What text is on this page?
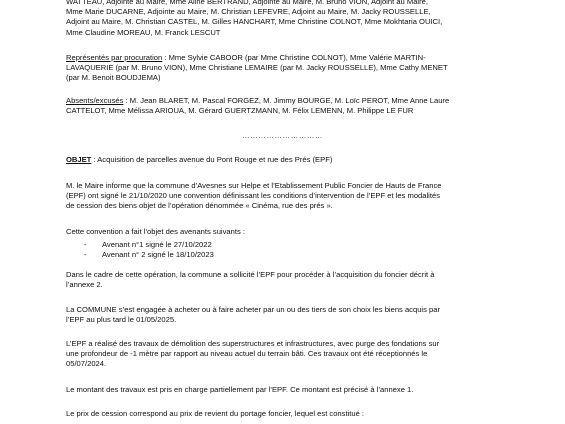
WATTEAU, Adjointe au Maire, Mme Aline BERTRAND, Adjointe au Maire, M. Bruno VION, Adjoint au Maire,
Mme Marie DUCARNE, Adjointe au Maire, M. Christian LEFEVRE, Adjoint au Maire, M. Jacky ROUSSELLE,
Adjoint au Maire, M. Christian CASTEL, M. Gilles HANCHART, Mme Christine COLNOT, Mme Mokhtaria OUICI,
Mme Claudine MOREAU, M. Franck LESCUT
Représentés par procuration : Mme Sylvie CABOOR (par Mme Christine COLNOT), Mme Valérie MARTIN-
LAVAQUERIE (par M. Bruno VION), Mme Christiane LEMAIRE (par M. Jacky ROUSSELLE), Mme Cathy MENET
(par M. Benoit BOUDJEMA)
Absents/excusés : M. Jean BLARET, M. Pascal FORGEZ, M. Jimmy BOURGE, M. Loïc PEROT, Mme Anne Laure
CATTELOT, Mme Mélissa ARIOUA, M. Gérard GUERTZMANN, M. Félix LEMENN, M. Philippe LE FUR
…………………………
OBJET : Acquisition de parcelles avenue du Pont Rouge et rue des Prés (EPF)
M. le Maire informe que la commune d’Avesnes sur Helpe et l’Etablissement Public Foncier de Hauts de France
(EPF) ont signé le 21/10/2020 une convention définissant les conditions d’intervention de l’EPF et les modalités
de cession des biens objet de l’opération dénommée « Cinéma, rue des prés ».
Cette convention a fait l’objet des avenants suivants :
- Avenant n°1 signé le 27/10/2022
- Avenant n° 2 signé le 18/10/2023
Dans le cadre de cette opération, la commune a sollicité l’EPF pour procéder à l’acquisition du foncier décrit à
l’annexe 2.
La COMMUNE s’est engagée à acheter ou à faire acheter par un ou des tiers de son choix les biens acquis par
l’EPF au plus tard le 01/05/2025.
L’EPF a réalisé des travaux de démolition des superstructures et infrastructures, avec purge des fondations sur
une profondeur de -1 mètre par rapport au niveau actuel du terrain bâti. Ces travaux ont été réceptionnés le
05/07/2024.
Le montant des travaux est pris en charge partiellement par l’EPF. Ce montant est précisé à l’annexe 1.
Le prix de cession correspond au prix de revient du portage foncier, lequel est constitué :
